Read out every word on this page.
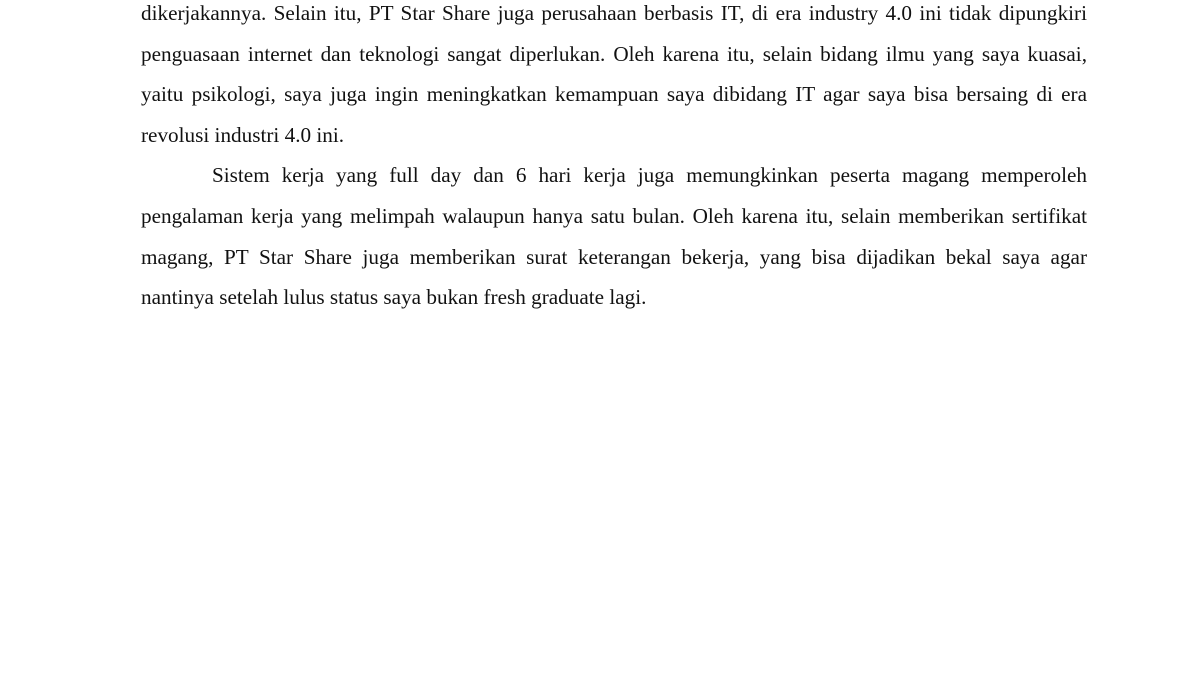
dikerjakannya. Selain itu, PT Star Share juga perusahaan berbasis IT, di era industry 4.0 ini tidak dipungkiri penguasaan internet dan teknologi sangat diperlukan. Oleh karena itu, selain bidang ilmu yang saya kuasai, yaitu psikologi, saya juga ingin meningkatkan kemampuan saya dibidang IT agar saya bisa bersaing di era revolusi industri 4.0 ini.

Sistem kerja yang full day dan 6 hari kerja juga memungkinkan peserta magang memperoleh pengalaman kerja yang melimpah walaupun hanya satu bulan. Oleh karena itu, selain memberikan sertifikat magang, PT Star Share juga memberikan surat keterangan bekerja, yang bisa dijadikan bekal saya agar nantinya setelah lulus status saya bukan fresh graduate lagi.
